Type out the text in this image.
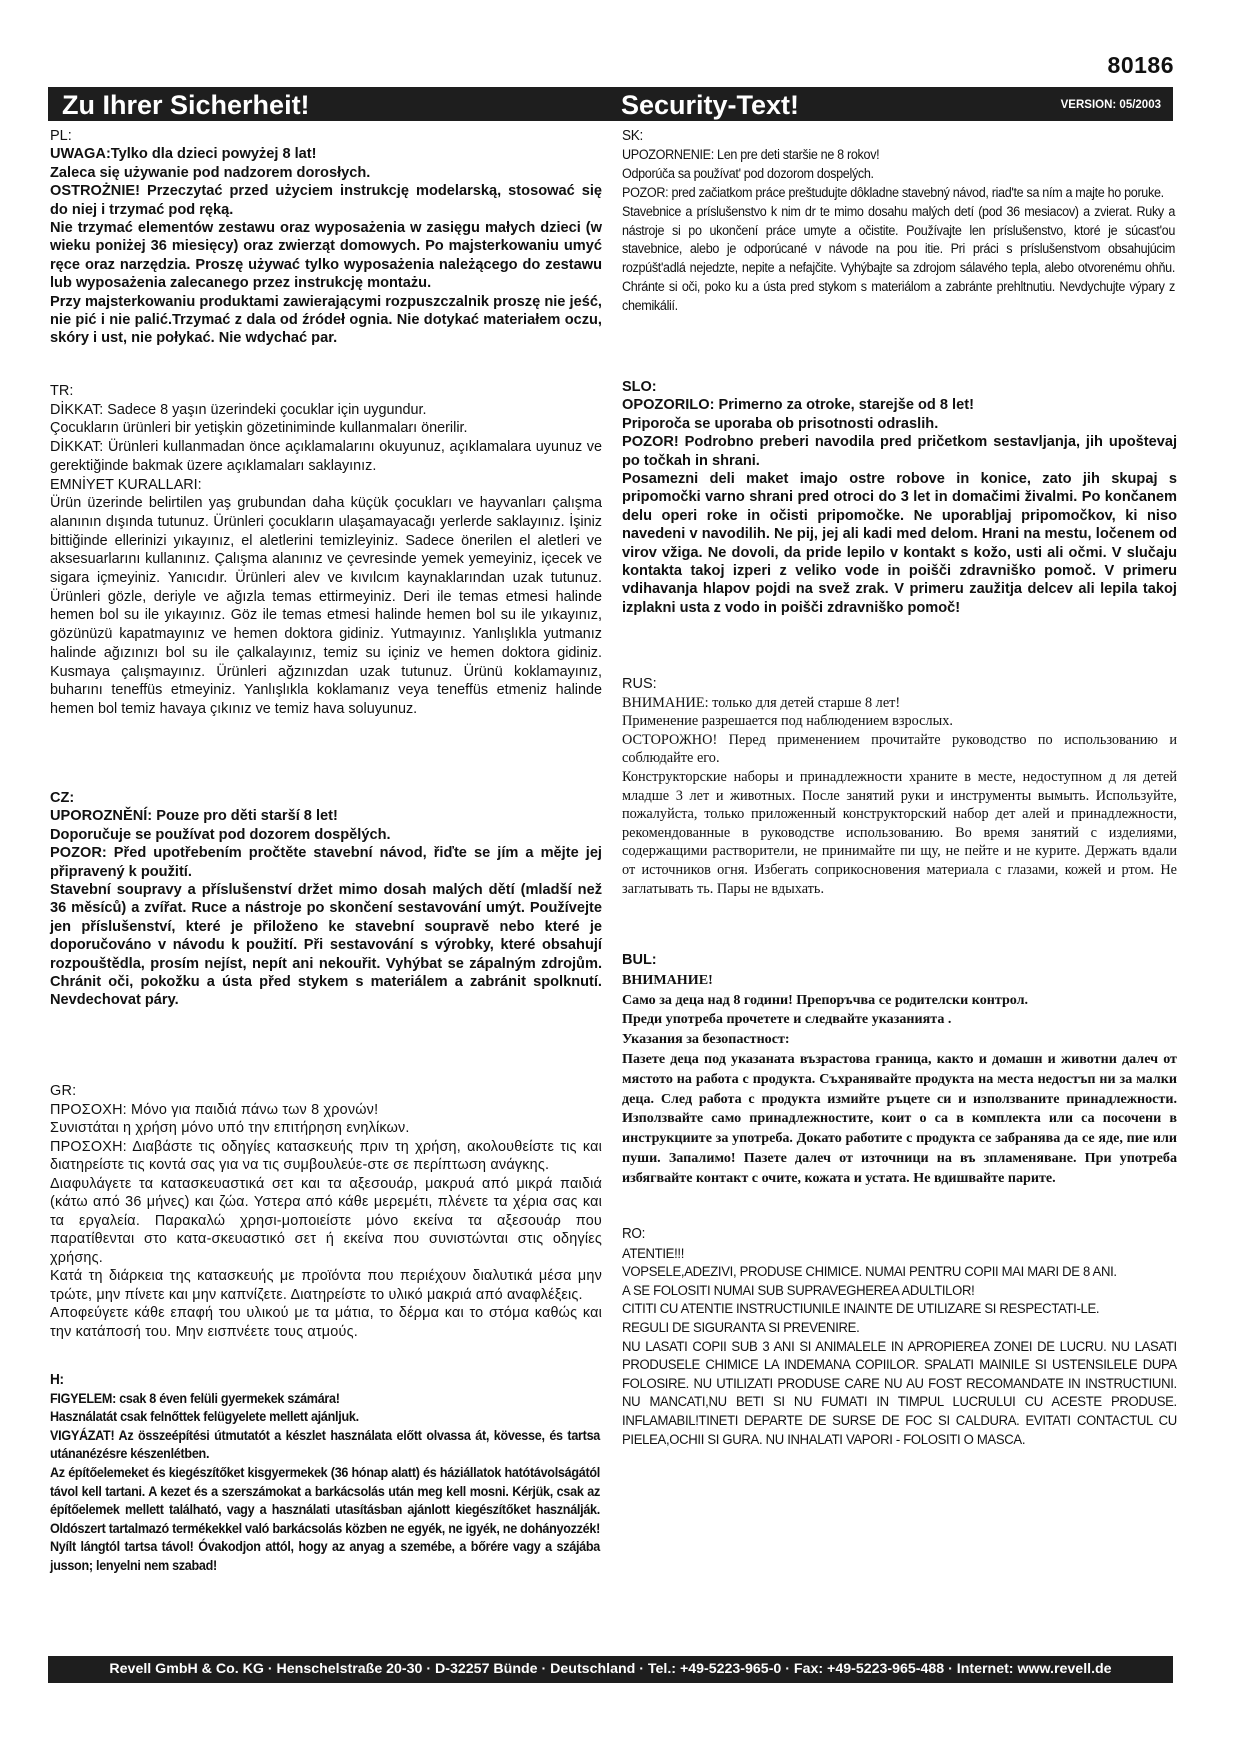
80186
Zu Ihrer Sicherheit!	Security-Text!	VERSION: 05/2003

PL:

UWAGA:Tylko dla dzieci powyżej 8 lat!

Zaleca się używanie pod nadzorem dorosłych.

OSTROŻNIE! Przeczytać przed użyciem instrukcję modelarską, stosować się do niej i trzymać pod ręką.

Nie trzymać elementów zestawu oraz wyposażenia w zasięgu małych dzieci (w wieku poniżej 36 miesięcy) oraz zwierząt domowych. Po majsterkowaniu umyć ręce oraz narzędzia. Proszę używać tylko wyposażenia należącego do zestawu lub wyposażenia zalecanego przez instrukcję montażu.

Przy majsterkowaniu produktami zawierającymi rozpuszczalnik proszę nie jeść, nie pić i nie palić.Trzymać z dala od źródeł ognia. Nie dotykać materiałem oczu, skóry i ust, nie połykać. Nie wdychać par.

TR:

DİKKAT: Sadece 8 yaşın üzerindeki çocuklar için uygundur.

Çocukların ürünleri bir yetişkin gözetiniminde kullanmaları önerilir.

DİKKAT: Ürünleri kullanmadan önce açıklamalarını okuyunuz, açıklamalara uyunuz ve gerektiğinde bakmak üzere açıklamaları saklayınız.

EMNİYET KURALLARI:

Ürün üzerinde belirtilen yaş grubundan daha küçük çocukları ve hayvanları çalışma alanının dışında tutunuz. Ürünleri çocukların ulaşamayacağı yerlerde saklayınız. İşiniz bittiğinde ellerinizi yıkayınız, el aletlerini temizleyiniz. Sadece önerilen el aletleri ve aksesuarlarını kullanınız. Çalışma alanınız ve çevresinde yemek yemeyiniz, içecek ve sigara içmeyiniz. Yanıcıdır. Ürünleri alev ve kıvılcım kaynaklarından uzak tutunuz. Ürünleri gözle, deriyle ve ağızla temas ettirmeyiniz. Deri ile temas etmesi halinde hemen bol su ile yıkayınız. Göz ile temas etmesi halinde hemen bol su ile yıkayınız, gözünüzü kapatmayınız ve hemen doktora gidiniz. Yutmayınız. Yanlışlıkla yutmanız halinde ağızınızı bol su ile çalkalayınız, temiz su içiniz ve hemen doktora gidiniz. Kusmaya çalışmayınız. Ürünleri ağzınızdan uzak tutunuz. Ürünü koklamayınız, buharını teneffüs etmeyiniz. Yanlışlıkla koklamanız veya teneffüs etmeniz halinde hemen bol temiz havaya çıkınız ve temiz hava soluyunuz.

CZ:

UPOROZNĚNÍ: Pouze pro děti starší 8 let!

Doporučuje se používat pod dozorem dospělých.

POZOR: Před upotřebením pročtěte stavební návod, řiďte se jím a mějte jej připravený k použití.

Stavební soupravy a příslušenství držet mimo dosah malých dětí (mladší než 36 měsíců) a zvířat. Ruce a nástroje po skončení sestavování umýt. Používejte jen příslušenství, které je přiloženo ke stavební soupravě nebo které je doporučováno v návodu k použití. Při sestavování s výrobky, které obsahují rozpouštědla, prosím nejíst, nepít ani nekouřit. Vyhýbat se zápalným zdrojům. Chránit oči, pokožku a ústa před stykem s materiálem a zabránit spolknutí. Nevdechovat páry.

GR:

ΠΡΟΣΟΧΗ: Μόνο για παιδιά πάνω των 8 χρονών!

Συνιστάται η χρήση μόνο υπό την επιτήρηση ενηλίκων.

ΠΡΟΣΟΧΗ: Διαβάστε τις οδηγίες κατασκευής πριν τη χρήση, ακολουθείστε τις και διατηρείστε τις κοντά σας για να τις συμβουλεύε-στε σε περίπτωση ανάγκης.

Διαφυλάγετε τα κατασκευαστικά σετ και τα αξεσουάρ, μακρυά από μικρά παιδιά (κάτω από 36 μήνες) και ζώα. Υστερα από κάθε μερεμέτι, πλένετε τα χέρια σας και τα εργαλεία. Παρακαλώ χρησι-μοποιείστε μόνο εκείνα τα αξεσουάρ που παρατίθενται στο κατα-σκευαστικό σετ ή εκείνα που συνιστώνται στις οδηγίες χρήσης.

Κατά τη διάρκεια της κατασκευής με προϊόντα που περιέχουν διαλυτικά μέσα μην τρώτε, μην πίνετε και μην καπνίζετε. Διατηρείστε το υλικό μακριά από αναφλέξεις.

Αποφεύγετε κάθε επαφή του υλικού με τα μάτια, το δέρμα και το στόμα καθώς και την κατάποσή του. Μην εισπνέετε τους ατμούς.

H:

FIGYELEM: csak 8 éven felüli gyermekek számára!

Használatát csak felnőttek felügyelete mellett ajánljuk.

VIGYÁZAT! Az összeépítési útmutatót a készlet használata előtt olvassa át, kövesse, és tartsa utánanézésre készenlétben.

Az építőelemeket és kiegészítőket kisgyermekek (36 hónap alatt) és háziállatok hatótávolságától távol kell tartani. A kezet és a szerszámokat a barkácsolás után meg kell mosni. Kérjük, csak az építőelemek mellett található, vagy a használati utasításban ajánlott kiegészítőket használják. Oldószert tartalmazó termékekkel való barkácsolás közben ne egyék, ne igyék, ne dohányozzék! Nyílt lángtól tartsa távol! Óvakodjon attól, hogy az anyag a szemébe, a bőrére vagy a szájába jusson; lenyelni nem szabad!

SK:

UPOZORNENIE: Len pre deti staršie ne 8 rokov!

Odporúča sa používat' pod dozorom dospelých.

POZOR: pred začiatkom práce preštudujte dôkladne stavebný návod, riad'te sa ním a majte ho poruke.

Stavebnice a príslušenstvo k nim dr te mimo dosahu malých detí (pod 36 mesiacov) a zvierat. Ruky a nástroje si po ukončení práce umyte a očistite. Používajte len príslušenstvo, ktoré je súcast'ou stavebnice, alebo je odporúcané v návode na pou itie. Pri práci s príslušenstvom obsahujúcim rozpúšt'adlá nejedzte, nepite a nefajčite. Vyhýbajte sa zdrojom sálavého tepla, alebo otvorenému ohňu. Chránte si oči, poko ku a ústa pred stykom s materiálom a zabránte prehltnutiu. Nevdychujte výpary z chemikálií.

SLO:

OPOZORILO: Primerno za otroke, starejše od 8 let!

Priporoča se uporaba ob prisotnosti odraslih.

POZOR! Podrobno preberi navodila pred pričetkom sestavljanja, jih upoštevaj po točkah in shrani.

Posamezni deli maket imajo ostre robove in konice, zato jih skupaj s pripomočki varno shrani pred otroci do 3 let in domačimi živalmi. Po končanem delu operi roke in očisti pripomočke. Ne uporabljaj pripomočkov, ki niso navedeni v navodilih. Ne pij, jej ali kadi med delom. Hrani na mestu, ločenem od virov vžiga. Ne dovoli, da pride lepilo v kontakt s kožo, usti ali očmi. V slučaju kontakta takoj izperi z veliko vode in poišči zdravniško pomoč. V primeru vdihavanja hlapov pojdi na svež zrak. V primeru zaužitja delcev ali lepila takoj izplakni usta z vodo in poišči zdravniško pomoč!

RUS:

ВНИМАНИЕ: только для детей старше 8 лет!

Применение разрешается под наблюдением взрослых.

ОСТОРОЖНО! Перед применением прочитайте руководство по использованию и соблюдайте его.

Конструкторские наборы и принадлежности храните в месте, недоступном д ля детей младше 3 лет и животных. После занятий руки и инструменты вымыть. Используйте, пожалуйста, только приложенный конструкторский набор дет алей и принадлежности, рекомендованные в руководстве использованию. Во время занятий с изделиями, содержащими растворители, не принимайте пи щу, не пейте и не курите. Держать вдали от источников огня. Избегать соприкосновения материала с глазами, кожей и ртом. Не заглатывать ть. Пары не вдыхать.

BUL:

ВНИМАНИЕ!

Само за деца над 8 години! Препоръчва се родителски контрол.

Преди употреба прочетете и следвайте указанията .

Указания за безопастност:

Пазете деца под указаната възрастова граница, както и домашн и животни далеч от мястото на работа с продукта. Съхранявайте продукта на места недостъп ни за малки деца. След работа с продукта измийте ръцете си и използваните принадлежности. Използвайте само принадлежностите, коит о са в комплекта или са посочени в инструкциите за употреба. Докато работите с продукта се забранява да се яде, пие или пуши. Запалимо! Пазете далеч от източници на въ зпламеняване. При употреба избягвайте контакт с очите, кожата и устата. Не вдишвайте парите.

RO:

ATENTIE!!!

VOPSELE,ADEZIVI, PRODUSE CHIMICE. NUMAI PENTRU COPII MAI MARI DE 8 ANI.

A SE FOLOSITI NUMAI SUB SUPRAVEGHEREA ADULTILOR!

CITITI CU ATENTIE INSTRUCTIUNILE INAINTE DE UTILIZARE SI RESPECTATI-LE.

REGULI DE SIGURANTA SI PREVENIRE.

NU LASATI COPII SUB 3 ANI SI ANIMALELE IN APROPIEREA ZONEI DE LUCRU. NU LASATI PRODUSELE CHIMICE LA INDEMANA COPIILOR. SPALATI MAINILE SI USTENSILELE DUPA FOLOSIRE. NU UTILIZATI PRODUSE CARE NU AU FOST RECOMANDATE IN INSTRUCTIUNI. NU MANCATI,NU BETI SI NU FUMATI IN TIMPUL LUCRULUI CU ACESTE PRODUSE. INFLAMABIL!TINETI DEPARTE DE SURSE DE FOC SI CALDURA. EVITATI CONTACTUL CU PIELEA,OCHII SI GURA. NU INHALATI VAPORI - FOLOSITI O MASCA.

Revell GmbH & Co. KG · Henschelstraße 20-30 · D-32257 Bünde · Deutschland · Tel.: +49-5223-965-0 · Fax: +49-5223-965-488 · Internet: www.revell.de
